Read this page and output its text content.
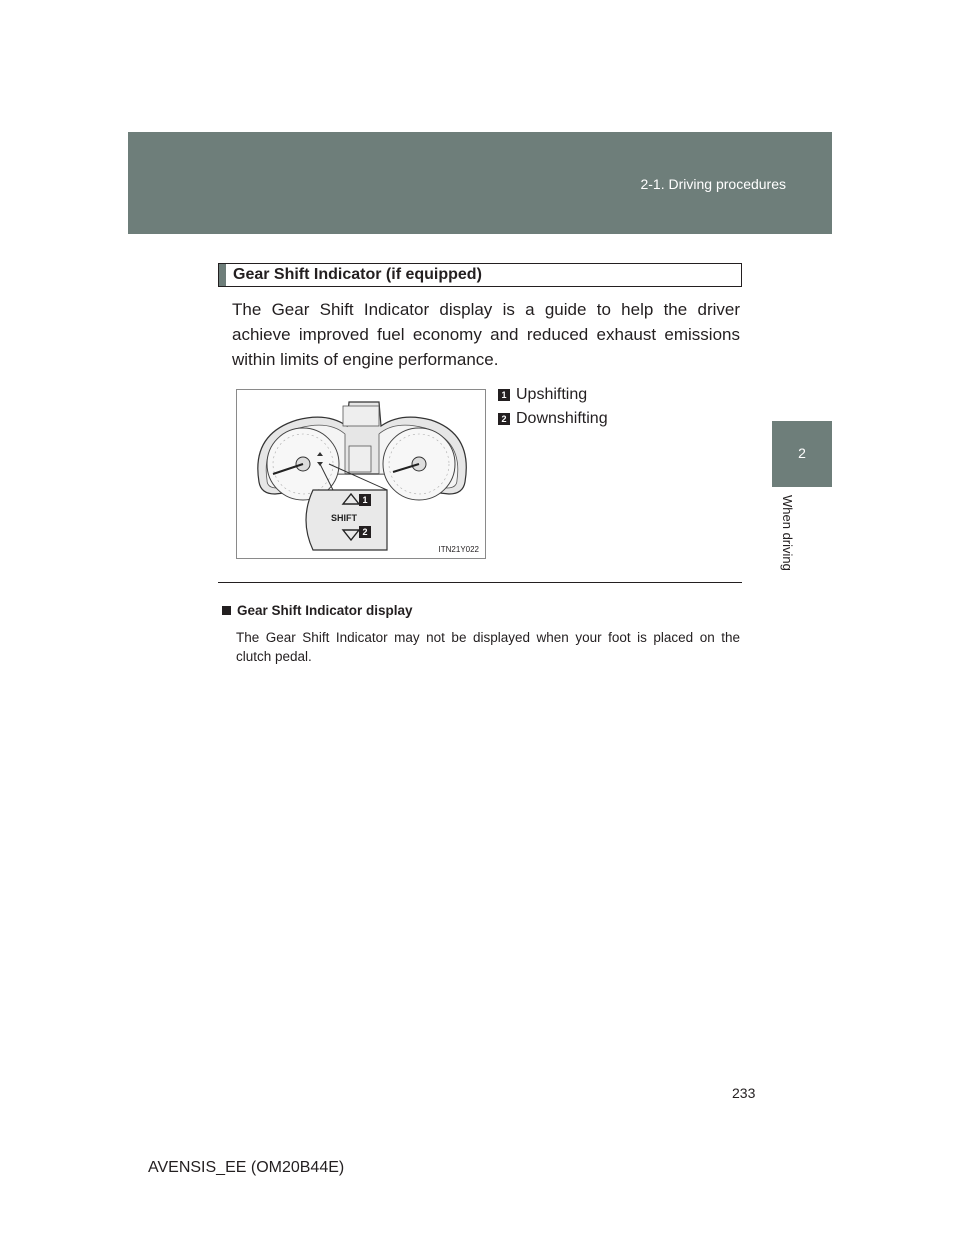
2-1. Driving procedures
2
When driving
Gear Shift Indicator (if equipped)
The Gear Shift Indicator display is a guide to help the driver achieve improved fuel economy and reduced exhaust emissions within limits of engine performance.
SHIFT
1
2
ITN21Y022
1 Upshifting
2 Downshifting
Gear Shift Indicator display
The Gear Shift Indicator may not be displayed when your foot is placed on the clutch pedal.
233
AVENSIS_EE (OM20B44E)
